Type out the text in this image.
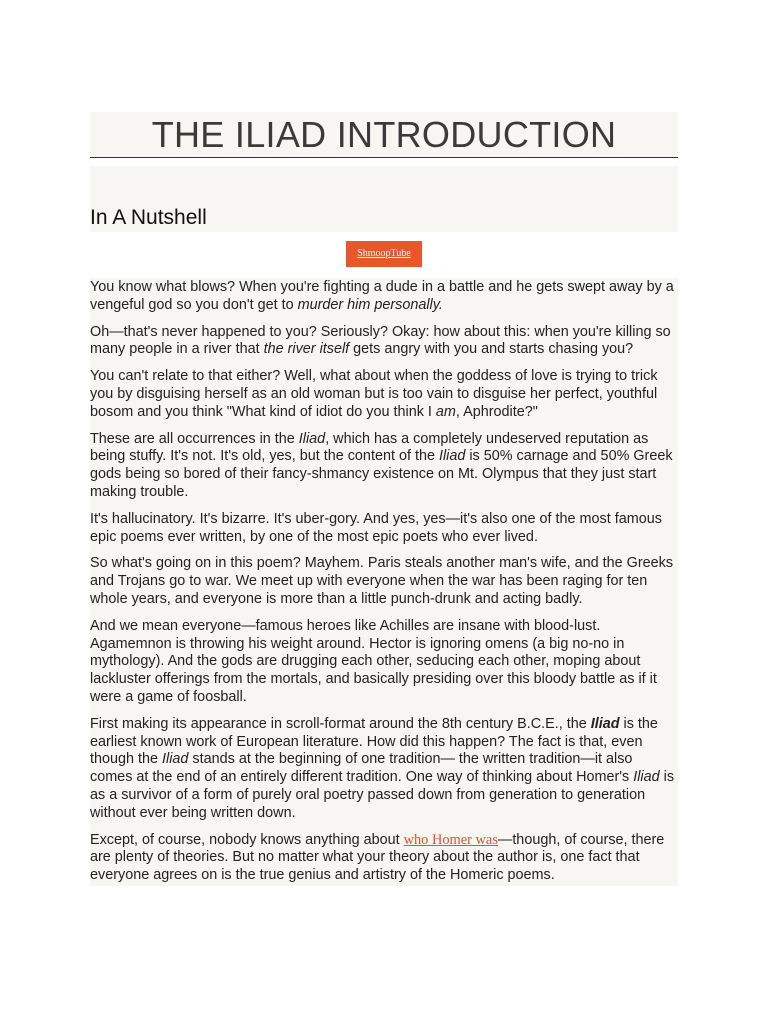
THE ILIAD INTRODUCTION
In A Nutshell
ShmoopTube

You know what blows? When you're fighting a dude in a battle and he gets swept away by a vengeful god so you don't get to murder him personally.

Oh—that's never happened to you? Seriously? Okay: how about this: when you're killing so many people in a river that the river itself gets angry with you and starts chasing you?

You can't relate to that either? Well, what about when the goddess of love is trying to trick you by disguising herself as an old woman but is too vain to disguise her perfect, youthful bosom and you think "What kind of idiot do you think I am, Aphrodite?"

These are all occurrences in the Iliad, which has a completely undeserved reputation as being stuffy. It's not. It's old, yes, but the content of the Iliad is 50% carnage and 50% Greek gods being so bored of their fancy-shmancy existence on Mt. Olympus that they just start making trouble.

It's hallucinatory. It's bizarre. It's uber-gory. And yes, yes—it's also one of the most famous epic poems ever written, by one of the most epic poets who ever lived.

So what's going on in this poem? Mayhem. Paris steals another man's wife, and the Greeks and Trojans go to war. We meet up with everyone when the war has been raging for ten whole years, and everyone is more than a little punch-drunk and acting badly.

And we mean everyone—famous heroes like Achilles are insane with blood-lust. Agamemnon is throwing his weight around. Hector is ignoring omens (a big no-no in mythology). And the gods are drugging each other, seducing each other, moping about lackluster offerings from the mortals, and basically presiding over this bloody battle as if it were a game of foosball.

First making its appearance in scroll-format around the 8th century B.C.E., the Iliad is the earliest known work of European literature. How did this happen? The fact is that, even though the Iliad stands at the beginning of one tradition— the written tradition—it also comes at the end of an entirely different tradition. One way of thinking about Homer's Iliad is as a survivor of a form of purely oral poetry passed down from generation to generation without ever being written down.

Except, of course, nobody knows anything about who Homer was—though, of course, there are plenty of theories. But no matter what your theory about the author is, one fact that everyone agrees on is the true genius and artistry of the Homeric poems.
